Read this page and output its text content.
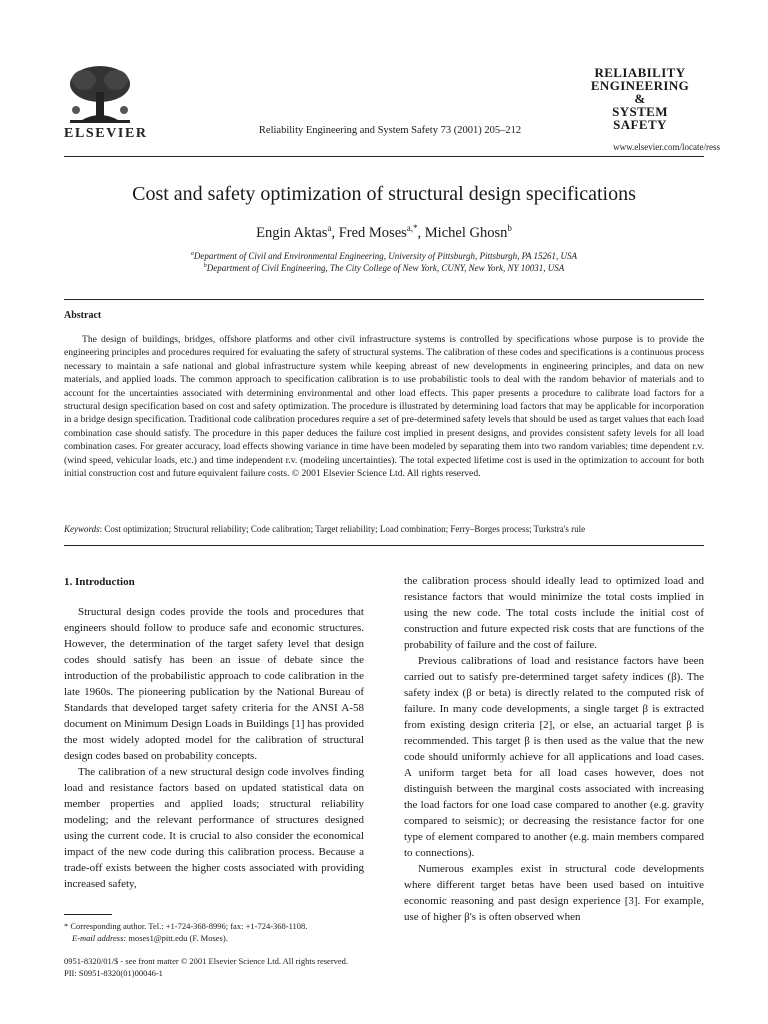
ELSEVIER	Reliability Engineering and System Safety 73 (2001) 205–212
RELIABILITY
ENGINEERING
&
SYSTEM
SAFETY
www.elsevier.com/locate/ress
Cost and safety optimization of structural design specifications
Engin Aktas$^a$, Fred Moses$^{a,*}$, Michel Ghosn$^b$
$^a$Department of Civil and Environmental Engineering, University of Pittsburgh, Pittsburgh, PA 15261, USA
$^b$Department of Civil Engineering, The City College of New York, CUNY, New York, NY 10031, USA
Abstract
The design of buildings, bridges, offshore platforms and other civil infrastructure systems is controlled by specifications whose purpose is to provide the engineering principles and procedures required for evaluating the safety of structural systems. The calibration of these codes and specifications is a continuous process necessary to maintain a safe national and global infrastructure system while keeping abreast of new developments in engineering principles, and data on new materials, and applied loads. The common approach to specification calibration is to use probabilistic tools to deal with the random behavior of materials and to account for the uncertainties associated with determining environmental and other load effects. This paper presents a procedure to calibrate load factors for a structural design specification based on cost and safety optimization. The procedure is illustrated by determining load factors that may be applicable for incorporation in a bridge design specification. Traditional code calibration procedures require a set of pre-determined safety levels that should be used as target values that each load combination case should satisfy. The procedure in this paper deduces the failure cost implied in present designs, and provides consistent safety levels for all load combination cases. For greater accuracy, load effects showing variance in time have been modeled by separating them into two random variables; time dependent r.v. (wind speed, vehicular loads, etc.) and time independent r.v. (modeling uncertainties). The total expected lifetime cost is used in the optimization to account for both initial construction cost and future equivalent failure costs. © 2001 Elsevier Science Ltd. All rights reserved.
Keywords: Cost optimization; Structural reliability; Code calibration; Target reliability; Load combination; Ferry–Borges process; Turkstra's rule
1. Introduction

Structural design codes provide the tools and procedures that engineers should follow to produce safe and economic structures. However, the determination of the target safety level that design codes should satisfy has been an issue of debate since the introduction of the probabilistic approach to code calibration in the late 1960s. The pioneering publication by the National Bureau of Standards that developed target safety criteria for the ANSI A-58 document on Minimum Design Loads in Buildings [1] has provided the most widely adopted model for the calibration of structural design codes based on probability concepts.

The calibration of a new structural design code involves finding load and resistance factors based on updated statistical data on member properties and applied loads; structural reliability modeling; and the relevant performance of structures designed using the current code. It is crucial to also consider the economical impact of the new code during this calibration process. Because a trade-off exists between the higher costs associated with providing increased safety,

the calibration process should ideally lead to optimized load and resistance factors that would minimize the total costs implied in using the new code. The total costs include the initial cost of construction and future expected risk costs that are functions of the probability of failure and the cost of failure.

Previous calibrations of load and resistance factors have been carried out to satisfy pre-determined target safety indices (β). The safety index (β or beta) is directly related to the computed risk of failure. In many code developments, a single target β is extracted from existing design criteria [2], or else, an actuarial target β is recommended. This target β is then used as the value that the new code should uniformly achieve for all applications and load cases. A uniform target beta for all load cases however, does not distinguish between the marginal costs associated with increasing the load factors for one load case compared to another (e.g. gravity compared to seismic); or decreasing the resistance factor for one type of element compared to another (e.g. main members compared to connections).

Numerous examples exist in structural code developments where different target betas have been used based on intuitive economic reasoning and past design experience [3]. For example, use of higher β's is often observed when

* Corresponding author. Tel.: +1-724-368-8996; fax: +1-724-368-1108.
E-mail address: moses1@pitt.edu (F. Moses).
0951-8320/01/$ - see front matter © 2001 Elsevier Science Ltd. All rights reserved.
PII: S0951-8320(01)00046-1
